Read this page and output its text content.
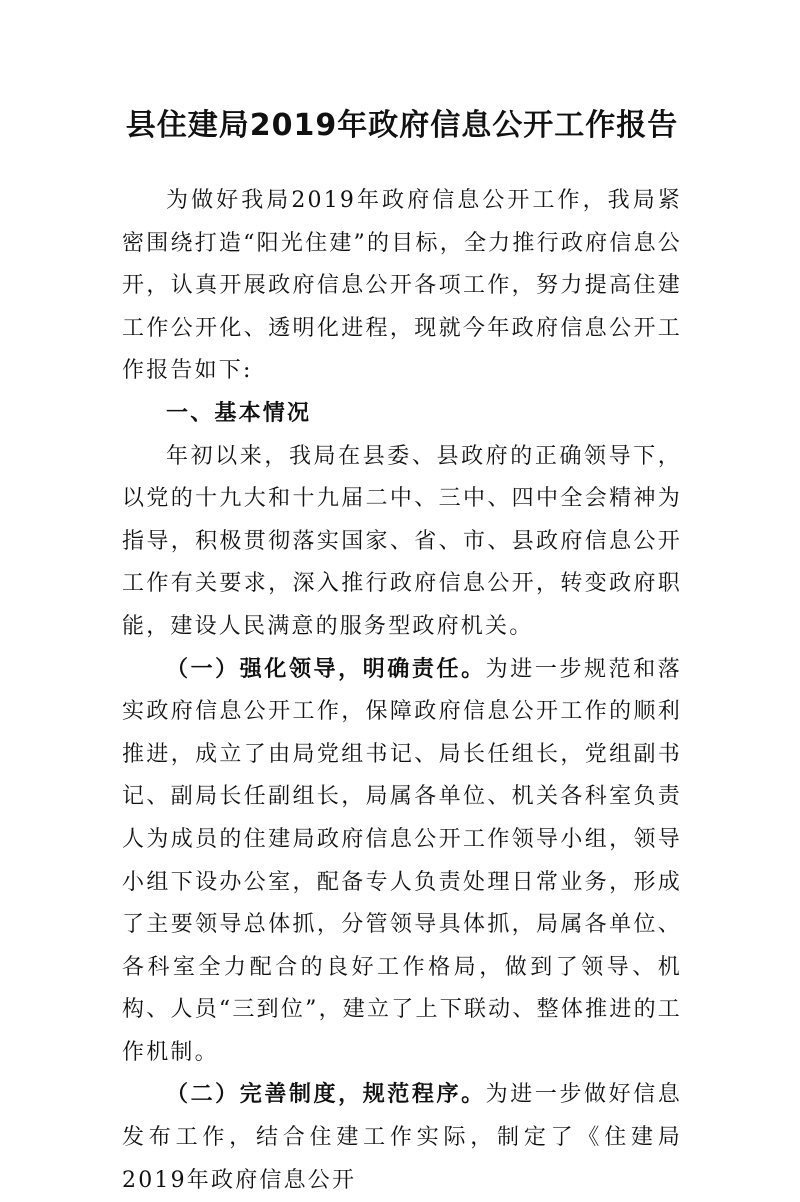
县住建局2019年政府信息公开工作报告

为做好我局2019年政府信息公开工作，我局紧密围绕打造“阳光住建”的目标，全力推行政府信息公开，认真开展政府信息公开各项工作，努力提高住建工作公开化、透明化进程，现就今年政府信息公开工作报告如下:

一、基本情况

年初以来，我局在县委、县政府的正确领导下，以党的十九大和十九届二中、三中、四中全会精神为指导，积极贯彻落实国家、省、市、县政府信息公开工作有关要求，深入推行政府信息公开，转变政府职能，建设人民满意的服务型政府机关。

（一）强化领导，明确责任。为进一步规范和落实政府信息公开工作，保障政府信息公开工作的顺利推进，成立了由局党组书记、局长任组长，党组副书记、副局长任副组长，局属各单位、机关各科室负责人为成员的住建局政府信息公开工作领导小组，领导小组下设办公室，配备专人负责处理日常业务，形成了主要领导总体抓，分管领导具体抓，局属各单位、各科室全力配合的良好工作格局，做到了领导、机构、人员“三到位”，建立了上下联动、整体推进的工作机制。

（二）完善制度，规范程序。为进一步做好信息发布工作，结合住建工作实际，制定了《住建局2019年政府信息公开
